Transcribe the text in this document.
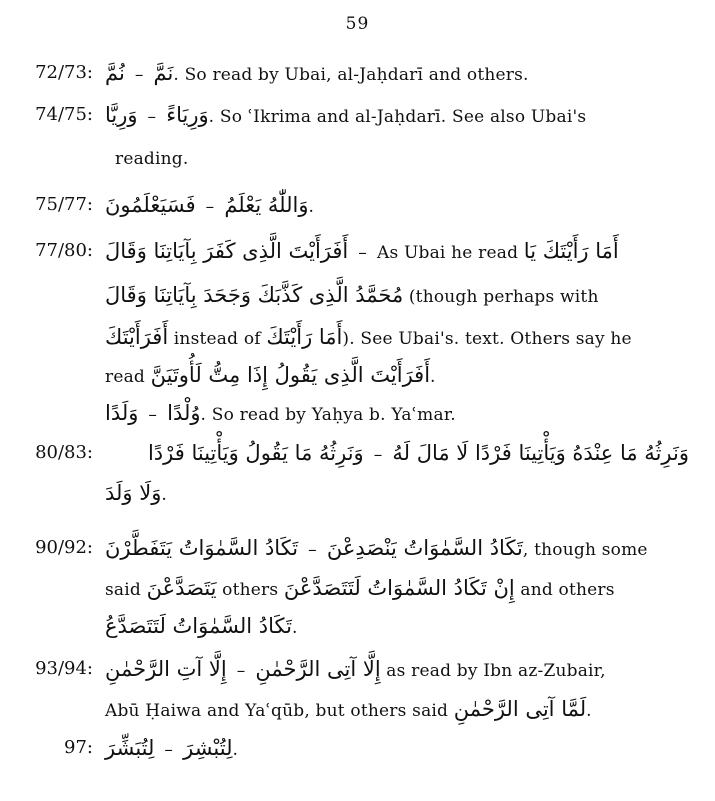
59
72/73: نُمَّ – نَمَّ. So read by Ubai, al-Jaḥdarī and others.
74/75: وَرِيَّا – وَرِيَاءً. So ʿIkrima and al-Jaḥdarī. See also Ubai's
reading.
75/77: فَسَيَعْلَمُونَ – وَاللّٰهُ يَعْلَمُ.
77/80: أَفَرَأَيْتَ الَّذِى كَفَرَ بِآيَاتِنَا وَقَالَ – As Ubai he read أَمَا رَأَيْتَكَ يَا
مُحَمَّدُ الَّذِى كَذَّبَكَ وَجَحَدَ بِآيَاتِنَا وَقَالَ (though perhaps with
أَفَرَأَيْتَكَ instead of أَمَا رَأَيْتَكَ). See Ubai's. text. Others say he
read أَفَرَأَيْتَ الَّذِى يَقُولُ إِذَا مِتُّ لَأُوتَيَنَّ.
وَلَدًا – وُلْدًا. So read by Yaḥya b. Yaʿmar.
80/83:	وَنَرِثُهُ مَا يَقُولُ وَيَأْتِينَا فَرْدًا – وَنَرِثُهُ مَا عِنْدَهُ وَيَأْتِينَا فَرْدًا لَا مَالَ لَهُ
وَلَا وَلَدَ.
90/92: تَكَادُ السَّمٰوَاتُ يَتَفَطَّرْنَ – تَكَادُ السَّمٰوَاتُ يَنْصَدِعْنَ, though some
said يَتَصَدَّعْنَ others إِنْ تَكَادُ السَّمٰوَاتُ لَتَتَصَدَّعْنَ and others
تَكَادُ السَّمٰوَاتُ لَتَتَصَدَّعُ.
93/94: إِلَّا آتِ الرَّحْمٰنِ – إِلَّا آتِى الرَّحْمٰنِ as read by Ibn az-Zubair,
Abū Ḥaiwa and Yaʿqūb, but others said لَمَّا آتِى الرَّحْمٰنِ.
97: لِتُبَشِّرَ – لِتُبْشِرَ.
